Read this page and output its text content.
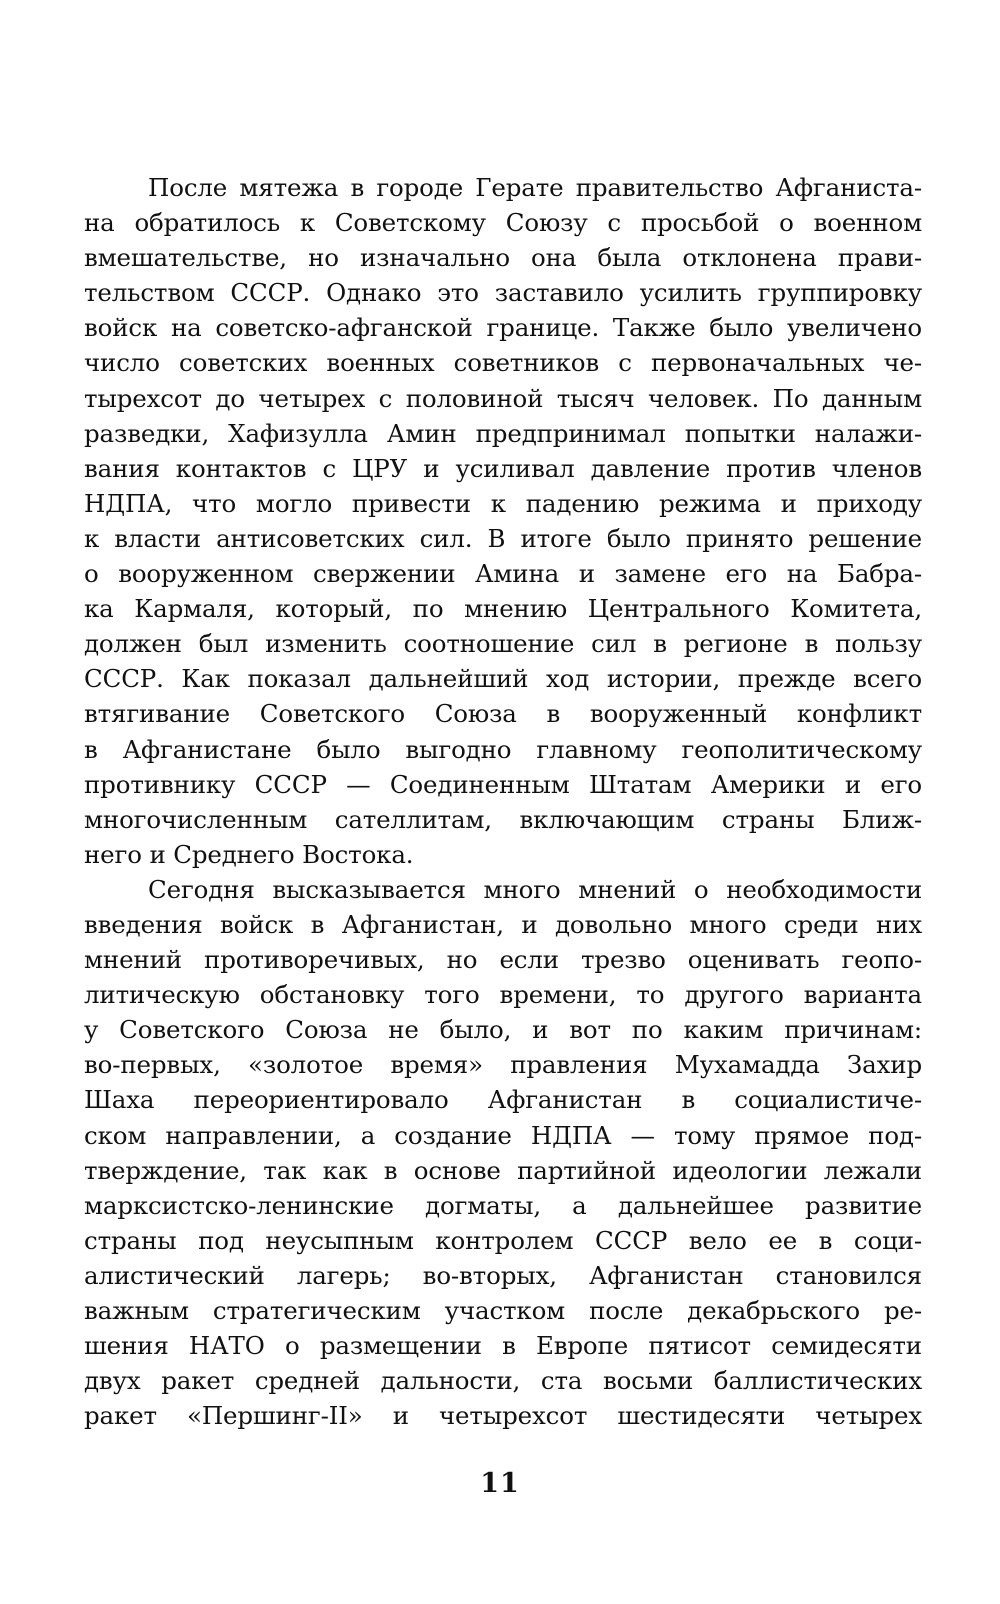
После мятежа в городе Герате правительство Афганиста-
на обратилось к Советскому Союзу с просьбой о военном
вмешательстве, но изначально она была отклонена прави-
тельством СССР. Однако это заставило усилить группировку
войск на советско-афганской границе. Также было увеличено
число советских военных советников с первоначальных че-
тырехсот до четырех с половиной тысяч человек. По данным
разведки, Хафизулла Амин предпринимал попытки налажи-
вания контактов с ЦРУ и усиливал давление против членов
НДПА, что могло привести к падению режима и приходу
к власти антисоветских сил. В итоге было принято решение
о вооруженном свержении Амина и замене его на Бабра-
ка Кармаля, который, по мнению Центрального Комитета,
должен был изменить соотношение сил в регионе в пользу
СССР. Как показал дальнейший ход истории, прежде всего
втягивание Советского Союза в вооруженный конфликт
в Афганистане было выгодно главному геополитическому
противнику СССР — Соединенным Штатам Америки и его
многочисленным сателлитам, включающим страны Ближ-
него и Среднего Востока.
Сегодня высказывается много мнений о необходимости
введения войск в Афганистан, и довольно много среди них
мнений противоречивых, но если трезво оценивать геопо-
литическую обстановку того времени, то другого варианта
у Советского Союза не было, и вот по каким причинам:
во-первых, «золотое время» правления Мухамадда Захир
Шаха переориентировало Афганистан в социалистиче-
ском направлении, а создание НДПА — тому прямое под-
тверждение, так как в основе партийной идеологии лежали
марксистско-ленинские догматы, а дальнейшее развитие
страны под неусыпным контролем СССР вело ее в соци-
алистический лагерь; во-вторых, Афганистан становился
важным стратегическим участком после декабрьского ре-
шения НАТО о размещении в Европе пятисот семидесяти
двух ракет средней дальности, ста восьми баллистических
ракет «Першинг-II» и четырехсот шестидесяти четырех
11
